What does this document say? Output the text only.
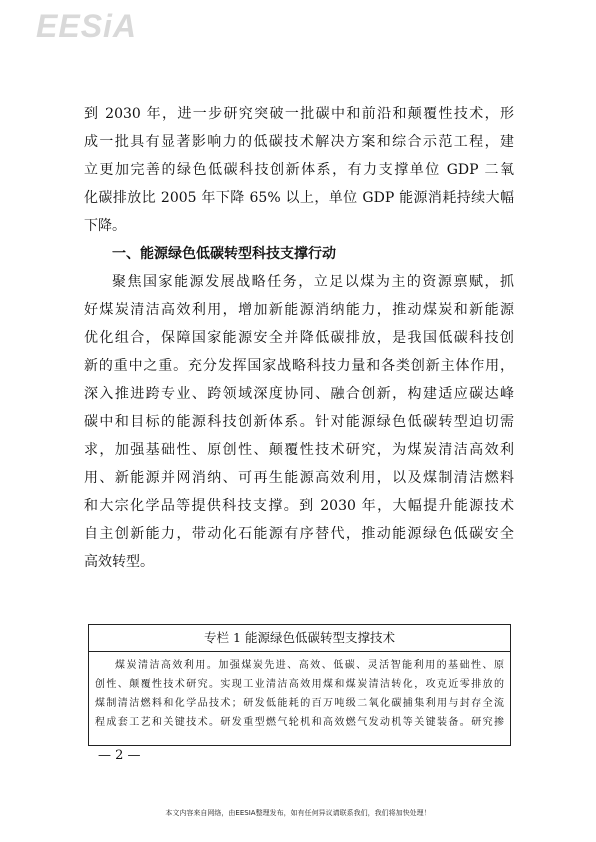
EESiA
到 2030 年，进一步研究突破一批碳中和前沿和颠覆性技术，形
成一批具有显著影响力的低碳技术解决方案和综合示范工程，建
立更加完善的绿色低碳科技创新体系，有力支撑单位 GDP 二氧
化碳排放比 2005 年下降 65% 以上，单位 GDP 能源消耗持续大幅
下降。
一、能源绿色低碳转型科技支撑行动
聚焦国家能源发展战略任务，立足以煤为主的资源禀赋，抓
好煤炭清洁高效利用，增加新能源消纳能力，推动煤炭和新能源
优化组合，保障国家能源安全并降低碳排放，是我国低碳科技创
新的重中之重。充分发挥国家战略科技力量和各类创新主体作用，
深入推进跨专业、跨领域深度协同、融合创新，构建适应碳达峰
碳中和目标的能源科技创新体系。针对能源绿色低碳转型迫切需
求，加强基础性、原创性、颠覆性技术研究，为煤炭清洁高效利
用、新能源并网消纳、可再生能源高效利用，以及煤制清洁燃料
和大宗化学品等提供科技支撑。到 2030 年，大幅提升能源技术
自主创新能力，带动化石能源有序替代，推动能源绿色低碳安全
高效转型。
专栏 1 能源绿色低碳转型支撑技术
煤炭清洁高效利用。加强煤炭先进、高效、低碳、灵活智能利用的基础性、原
创性、颠覆性技术研究。实现工业清洁高效用煤和煤炭清洁转化，攻克近零排放的
煤制清洁燃料和化学品技术；研发低能耗的百万吨级二氧化碳捕集利用与封存全流
程成套工艺和关键技术。研发重型燃气轮机和高效燃气发动机等关键装备。研究掺
— 2 —
本文内容来自网络，由EESIA整理发布，如有任何异议请联系我们，我们将加快处理！
